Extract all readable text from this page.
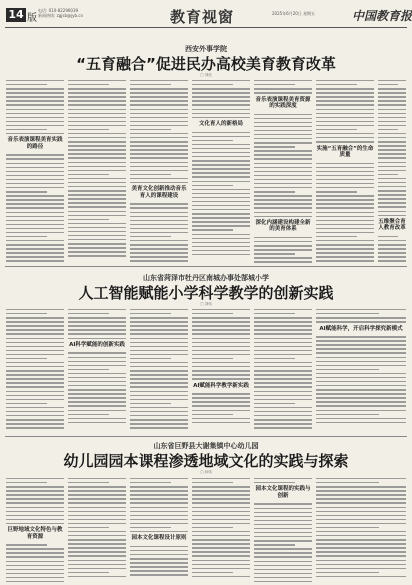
14 版
电话: 010-82296039
新闻热线: zgjsb@jyb.cn	教育视窗	2025年6月20日 星期五	中国教育报
西安外事学院
“五育融合”促进民办高校美育教育改革
□ 刘佳
音乐表演课程美育实践的路径
美育文化创新推动音乐育人的课程建设
文化育人的新格局
音乐表演课程美育资源的实践深度
深化内涵建设构建全新的美育体系
实施“五育融合”的生命质量
五维聚合育人教育改革
山东省菏泽市牡丹区南城办事处郜城小学
人工智能赋能小学科学教学的创新实践
□ 刘伟
AI科学赋能的创新实践
AI赋能科学教学新实践
AI赋能科学，开启科学探究新模式
山东省巨野县大谢集镇中心幼儿园
幼儿园园本课程渗透地域文化的实践与探索
□ 孙伟
巨野地域文化特色与教育资源	园本文化课程设计原则
园本文化课程的实践与创新
